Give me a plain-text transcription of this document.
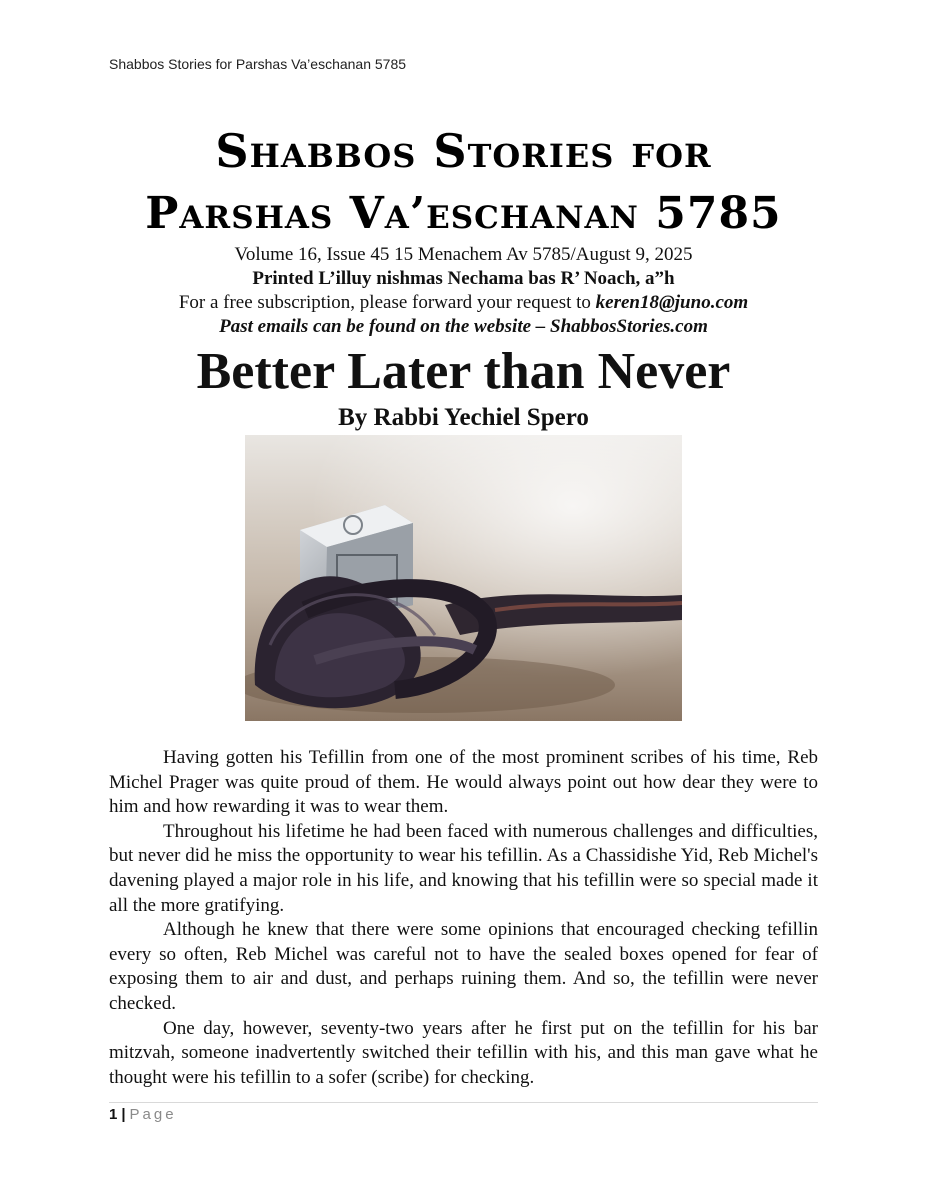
Shabbos Stories for Parshas Va’eschanan 5785
Shabbos Stories for
Parshas Va’eschanan 5785
Volume 16, Issue 45 15 Menachem Av 5785/August 9, 2025
Printed L’illuy nishmas Nechama bas R’ Noach, a”h
For a free subscription, please forward your request to keren18@juno.com
Past emails can be found on the website – ShabbosStories.com
Better Later than Never
By Rabbi Yechiel Spero

Having gotten his Tefillin from one of the most prominent scribes of his time, Reb Michel Prager was quite proud of them. He would always point out how dear they were to him and how rewarding it was to wear them.

Throughout his lifetime he had been faced with numerous challenges and difficulties, but never did he miss the opportunity to wear his tefillin. As a Chassidishe Yid, Reb Michel's davening played a major role in his life, and knowing that his tefillin were so special made it all the more gratifying.

Although he knew that there were some opinions that encouraged checking tefillin every so often, Reb Michel was careful not to have the sealed boxes opened for fear of exposing them to air and dust, and perhaps ruining them. And so, the tefillin were never checked.

One day, however, seventy-two years after he first put on the tefillin for his bar mitzvah, someone inadvertently switched their tefillin with his, and this man gave what he thought were his tefillin to a sofer (scribe) for checking.

1 | Page
